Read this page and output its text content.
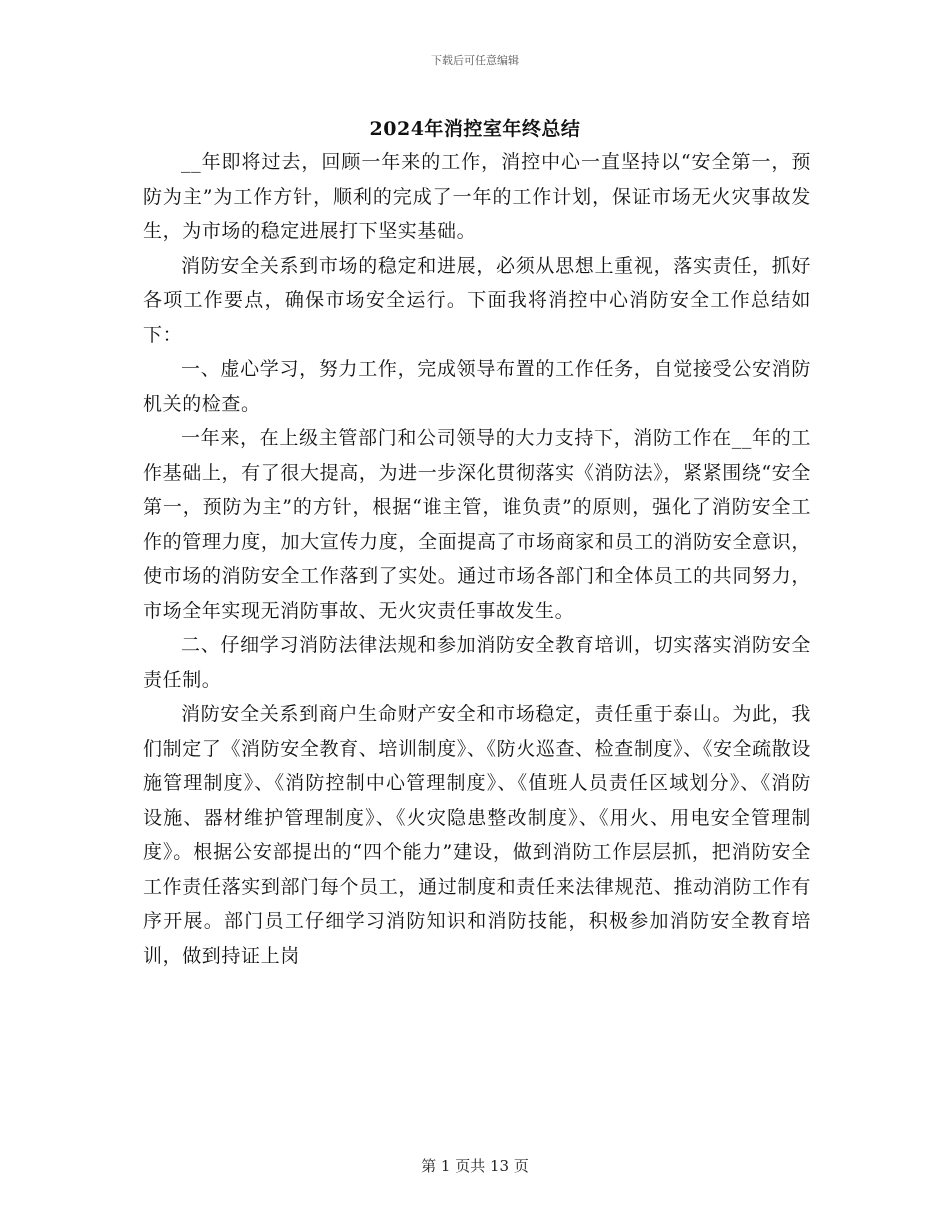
下载后可任意编辑
2024年消控室年终总结

__年即将过去，回顾一年来的工作，消控中心一直坚持以“安全第一，预防为主”为工作方针，顺利的完成了一年的工作计划，保证市场无火灾事故发生，为市场的稳定进展打下坚实基础。

消防安全关系到市场的稳定和进展，必须从思想上重视，落实责任，抓好各项工作要点，确保市场安全运行。下面我将消控中心消防安全工作总结如下：

一、虚心学习，努力工作，完成领导布置的工作任务，自觉接受公安消防机关的检查。

一年来，在上级主管部门和公司领导的大力支持下，消防工作在__年的工作基础上，有了很大提高，为进一步深化贯彻落实《消防法》，紧紧围绕“安全第一，预防为主”的方针，根据“谁主管，谁负责”的原则，强化了消防安全工作的管理力度，加大宣传力度，全面提高了市场商家和员工的消防安全意识，使市场的消防安全工作落到了实处。通过市场各部门和全体员工的共同努力，市场全年实现无消防事故、无火灾责任事故发生。

二、仔细学习消防法律法规和参加消防安全教育培训，切实落实消防安全责任制。

消防安全关系到商户生命财产安全和市场稳定，责任重于泰山。为此，我们制定了《消防安全教育、培训制度》、《防火巡查、检查制度》、《安全疏散设施管理制度》、《消防控制中心管理制度》、《值班人员责任区域划分》、《消防设施、器材维护管理制度》、《火灾隐患整改制度》、《用火、用电安全管理制度》。根据公安部提出的“四个能力”建设，做到消防工作层层抓，把消防安全工作责任落实到部门每个员工，通过制度和责任来法律规范、推动消防工作有序开展。部门员工仔细学习消防知识和消防技能，积极参加消防安全教育培训，做到持证上岗

第 1 页共 13 页
